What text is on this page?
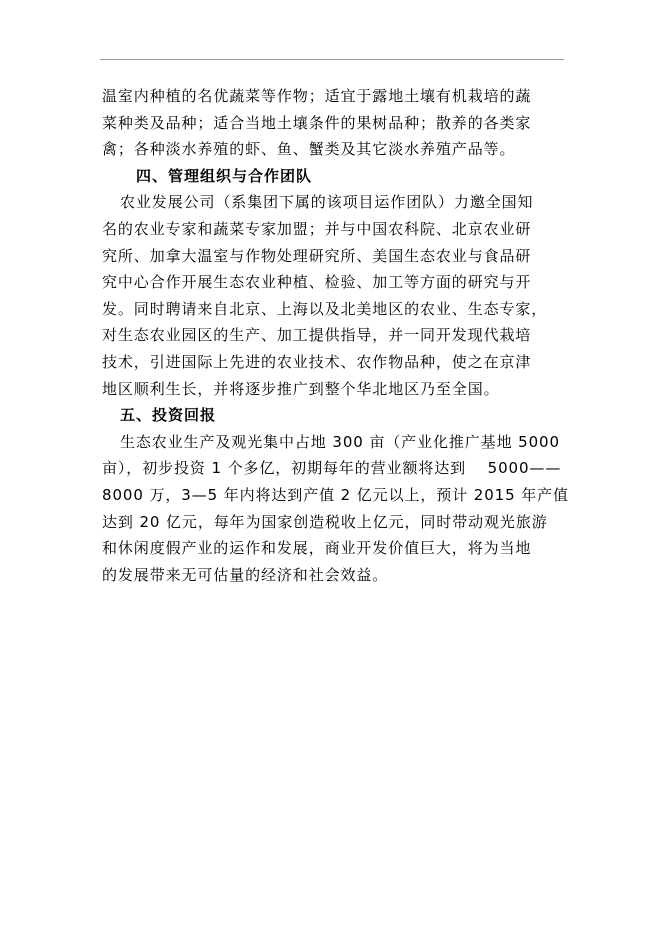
温室内种植的名优蔬菜等作物；适宜于露地土壤有机栽培的蔬
菜种类及品种；适合当地土壤条件的果树品种；散养的各类家
禽；各种淡水养殖的虾、鱼、蟹类及其它淡水养殖产品等。
四、管理组织与合作团队
农业发展公司（系集团下属的该项目运作团队）力邀全国知
名的农业专家和蔬菜专家加盟；并与中国农科院、北京农业研
究所、加拿大温室与作物处理研究所、美国生态农业与食品研
究中心合作开展生态农业种植、检验、加工等方面的研究与开
发。同时聘请来自北京、上海以及北美地区的农业、生态专家，
对生态农业园区的生产、加工提供指导，并一同开发现代栽培
技术，引进国际上先进的农业技术、农作物品种，使之在京津
地区顺利生长，并将逐步推广到整个华北地区乃至全国。
五、投资回报
生态农业生产及观光集中占地 300 亩（产业化推广基地 5000
亩），初步投资 1 个多亿，初期每年的营业额将达到　 5000——
8000 万，3—5 年内将达到产值 2 亿元以上，预计 2015 年产值
达到 20 亿元，每年为国家创造税收上亿元，同时带动观光旅游
和休闲度假产业的运作和发展，商业开发价值巨大，将为当地
的发展带来无可估量的经济和社会效益。
